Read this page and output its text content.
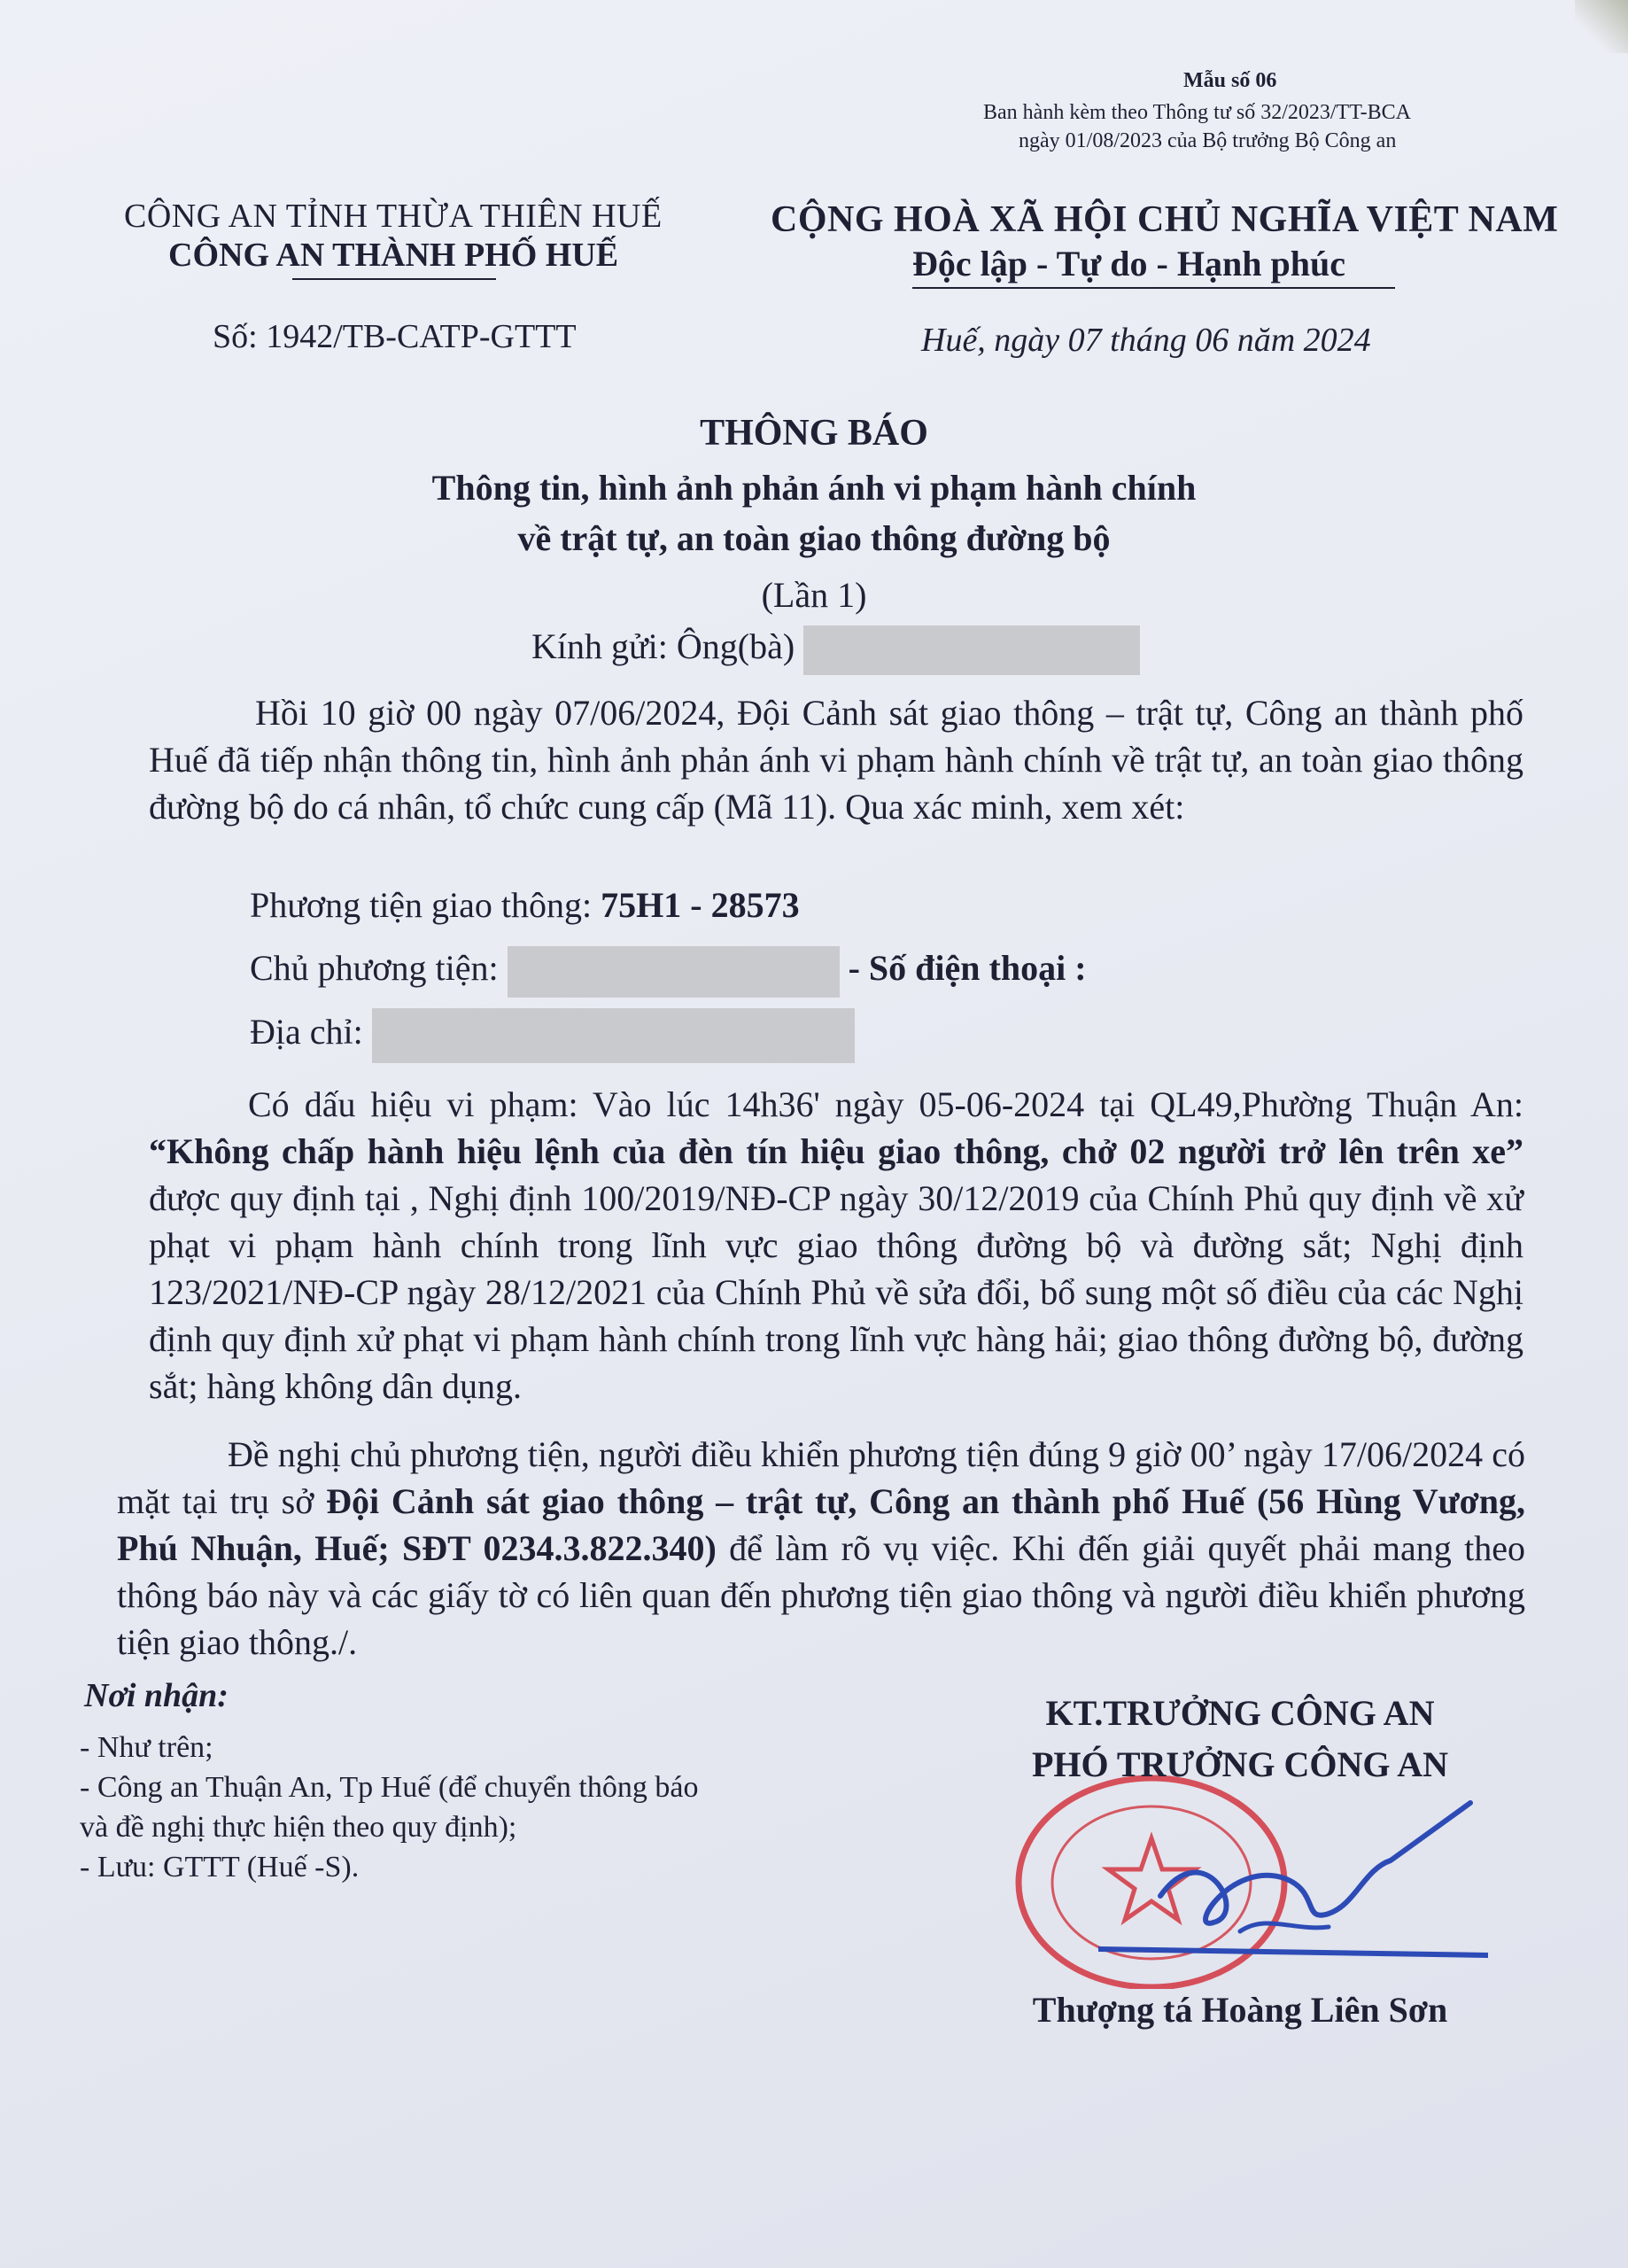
Mẫu số 06
Ban hành kèm theo Thông tư số 32/2023/TT-BCA
ngày 01/08/2023 của Bộ trưởng Bộ Công an
CÔNG AN TỈNH THỪA THIÊN HUẾ
CÔNG AN THÀNH PHỐ HUẾ
Số: 1942/TB-CATP-GTTT
CỘNG HOÀ XÃ HỘI CHỦ NGHĨA VIỆT NAM
Độc lập - Tự do - Hạnh phúc
Huế, ngày 07 tháng 06 năm 2024
THÔNG BÁO
Thông tin, hình ảnh phản ánh vi phạm hành chính
về trật tự, an toàn giao thông đường bộ
(Lần 1)
Kính gửi: Ông(bà)
Hồi 10 giờ 00 ngày 07/06/2024, Đội Cảnh sát giao thông – trật tự, Công an thành phố Huế đã tiếp nhận thông tin, hình ảnh phản ánh vi phạm hành chính về trật tự, an toàn giao thông đường bộ do cá nhân, tổ chức cung cấp (Mã 11). Qua xác minh, xem xét:
Phương tiện giao thông: 75H1 - 28573
Chủ phương tiện:	- Số điện thoại :
Địa chỉ:
Có dấu hiệu vi phạm: Vào lúc 14h36' ngày 05-06-2024 tại QL49,Phường Thuận An: “Không chấp hành hiệu lệnh của đèn tín hiệu giao thông, chở 02 người trở lên trên xe” được quy định tại , Nghị định 100/2019/NĐ-CP ngày 30/12/2019 của Chính Phủ quy định về xử phạt vi phạm hành chính trong lĩnh vực giao thông đường bộ và đường sắt; Nghị định 123/2021/NĐ-CP ngày 28/12/2021 của Chính Phủ về sửa đổi, bổ sung một số điều của các Nghị định quy định xử phạt vi phạm hành chính trong lĩnh vực hàng hải; giao thông đường bộ, đường sắt; hàng không dân dụng.
Đề nghị chủ phương tiện, người điều khiển phương tiện đúng 9 giờ 00’ ngày 17/06/2024 có mặt tại trụ sở Đội Cảnh sát giao thông – trật tự, Công an thành phố Huế (56 Hùng Vương, Phú Nhuận, Huế; SĐT 0234.3.822.340) để làm rõ vụ việc. Khi đến giải quyết phải mang theo thông báo này và các giấy tờ có liên quan đến phương tiện giao thông và người điều khiển phương tiện giao thông./.
Nơi nhận:
- Như trên;
- Công an Thuận An, Tp Huế (để chuyển thông báo
và đề nghị thực hiện theo quy định);
- Lưu: GTTT (Huế -S).
KT.TRƯỞNG CÔNG AN
PHÓ TRƯỞNG CÔNG AN
Thượng tá Hoàng Liên Sơn
